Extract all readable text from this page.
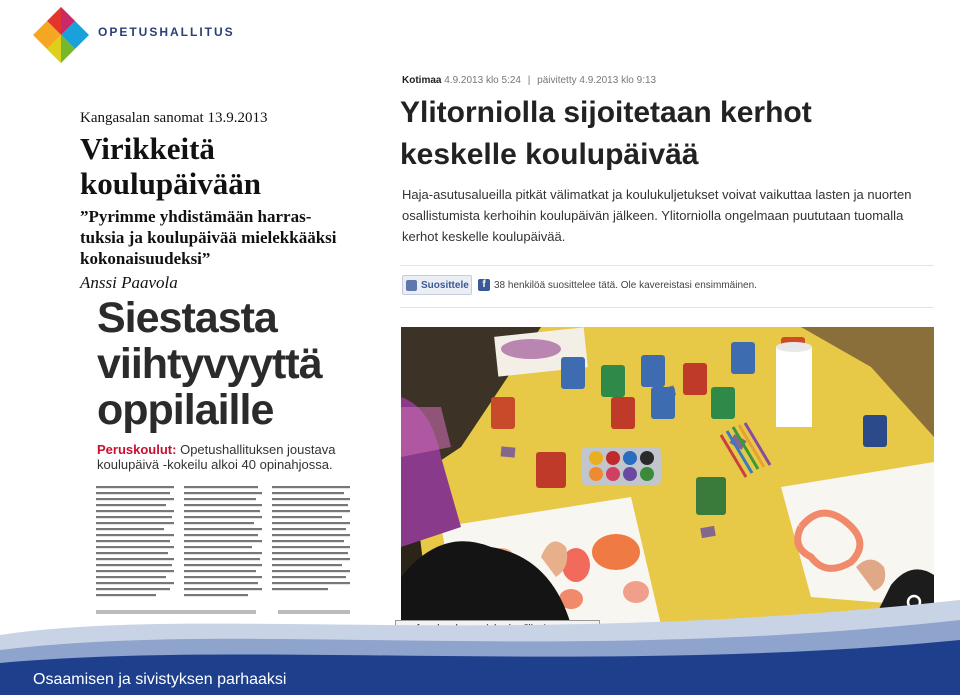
OPETUSHALLITUS
Kangasalan sanomat 13.9.2013
Virikkeitä
koulupäivään
”Pyrimme yhdistämään harras-
tuksia ja koulupäivää mielekkääksi
kokonaisuudeksi”
Anssi Paavola
Siestasta
viihtyvyyttä
oppilaille
Peruskoulut: Opetushallituksen joustava koulupäivä -kokeilu alkoi 40 opinahjossa.
Kotimaa 4.9.2013 klo 5:24 | päivitetty 4.9.2013 klo 9:13
Ylitorniolla sijoitetaan kerhot
keskelle koulupäivää
Haja-asutusalueilla pitkät välimatkat ja koulukuljetukset voivat vaikuttaa lasten ja nuorten osallistumista kerhoihin koulupäivän jälkeen. Ylitorniolla ongelmaan puututaan tuomalla kerhot keskelle koulupäivää.
Suosittele	f 38 henkilöä suosittelee tätä. Ole kavereistasi ensimmäinen.
Osaamisen ja sivistyksen parhaaksi
